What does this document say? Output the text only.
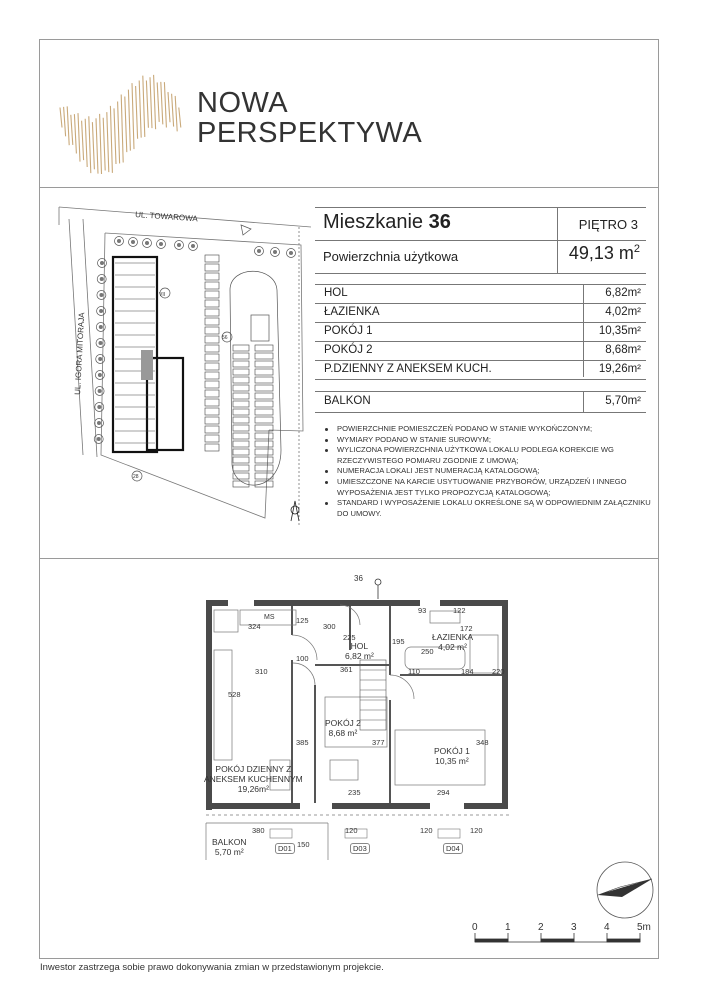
NOWA
PERSPEKTYWA
VII
56
28
UL. TOWAROWA
UL. IGORA MITORAJA
Mieszkanie 36	PIĘTRO 3
Powierzchnia użytkowa	49,13 $m^2$
HOL	6,82m²
ŁAZIENKA	4,02m²
POKÓJ 1	10,35m²
POKÓJ 2	8,68m²
P.DZIENNY Z ANEKSEM KUCH.	19,26m²
BALKON	5,70m²
POWIERZCHNIE POMIESZCZEŃ PODANO W STANIE WYKOŃCZONYM;
WYMIARY PODANO W STANIE SUROWYM;
WYLICZONA POWIERZCHNIA UŻYTKOWA LOKALU PODLEGA KOREKCIE WG RZECZYWISTEGO POMIARU ZGODNIE Z UMOWĄ;
NUMERACJA LOKALI JEST NUMERACJĄ KATALOGOWĄ;
UMIESZCZONE NA KARCIE USYTUOWANIE PRZYBORÓW, URZĄDZEŃ I INNEGO WYPOSAŻENIA JEST TYLKO PROPOZYCJĄ KATALOGOWĄ;
STANDARD I WYPOSAŻENIE LOKALU OKREŚLONE SĄ W ODPOWIEDNIM ZAŁĄCZNIKU DO UMOWY.
36
MS
HOL
6,82 m²
ŁAZIENKA
4,02 m²
POKÓJ 2
8,68 m²
POKÓJ 1
10,35 m²
POKÓJ DZIENNY Z
ANEKSEM KUCHENNYM
19,26m²
BALKON
5,70 m²
324
125
300
225	195
93	122
172
250
220
310
100
361	110	184
528
385	377	348
235	294
380
150
120	120	120
D01	D03	D04
0	1	2	3	4	5m
Inwestor zastrzega sobie prawo dokonywania zmian w przedstawionym projekcie.
